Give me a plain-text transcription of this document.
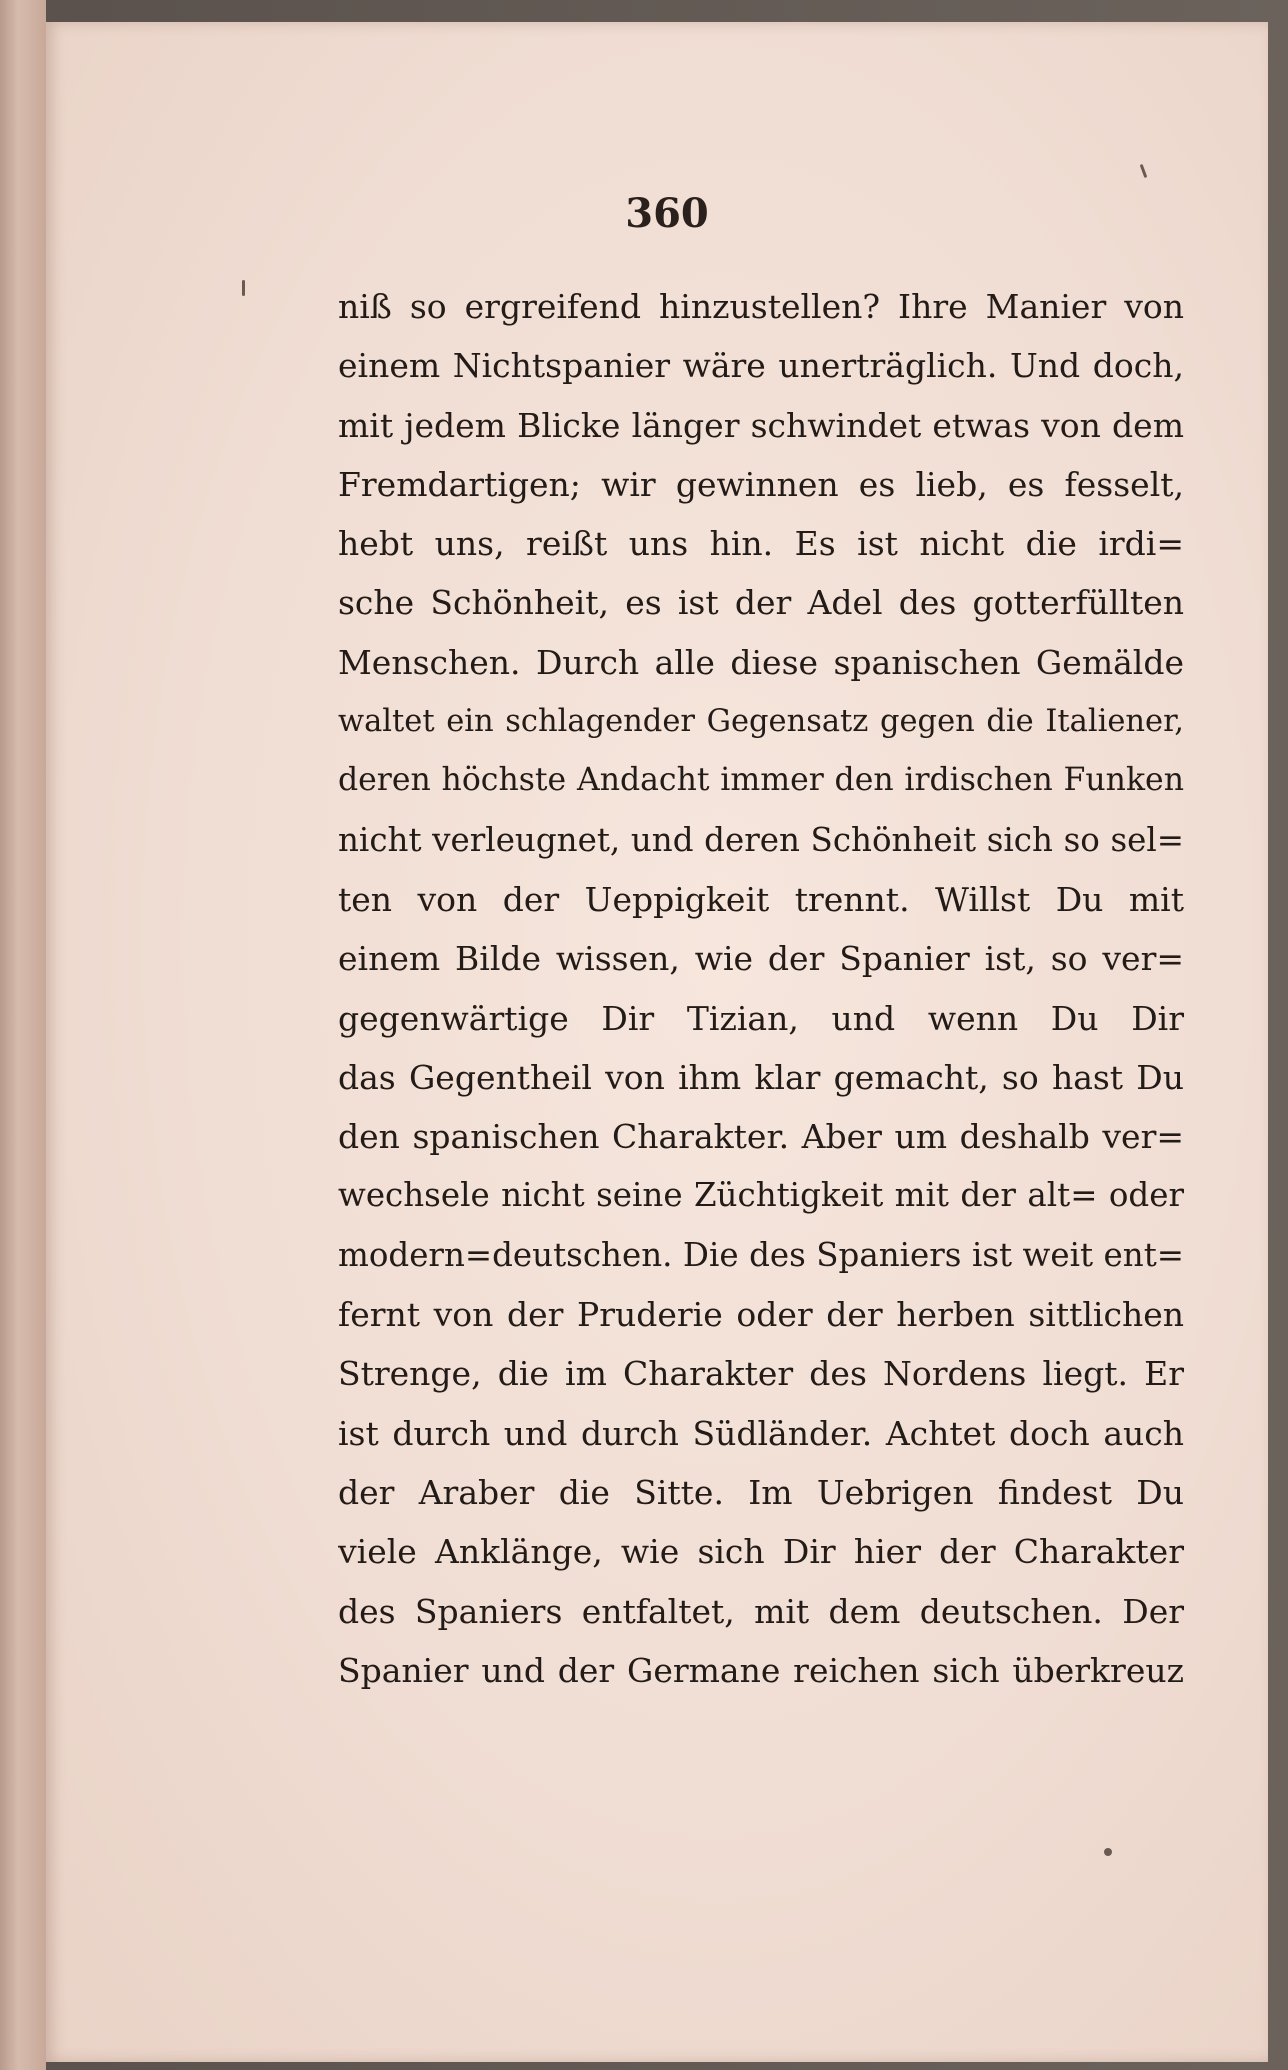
360
niß so ergreifend hinzustellen? Ihre Manier von
einem Nichtspanier wäre unerträglich. Und doch,
mit jedem Blicke länger schwindet etwas von dem
Fremdartigen; wir gewinnen es lieb, es fesselt,
hebt uns, reißt uns hin. Es ist nicht die irdi=
sche Schönheit, es ist der Adel des gotterfüllten
Menschen. Durch alle diese spanischen Gemälde
waltet ein schlagender Gegensatz gegen die Italiener,
deren höchste Andacht immer den irdischen Funken
nicht verleugnet, und deren Schönheit sich so sel=
ten von der Ueppigkeit trennt. Willst Du mit
einem Bilde wissen, wie der Spanier ist, so ver=
gegenwärtige Dir Tizian, und wenn Du Dir
das Gegentheil von ihm klar gemacht, so hast Du
den spanischen Charakter. Aber um deshalb ver=
wechsele nicht seine Züchtigkeit mit der alt= oder
modern=deutschen. Die des Spaniers ist weit ent=
fernt von der Pruderie oder der herben sittlichen
Strenge, die im Charakter des Nordens liegt. Er
ist durch und durch Südländer. Achtet doch auch
der Araber die Sitte. Im Uebrigen findest Du
viele Anklänge, wie sich Dir hier der Charakter
des Spaniers entfaltet, mit dem deutschen. Der
Spanier und der Germane reichen sich überkreuz
